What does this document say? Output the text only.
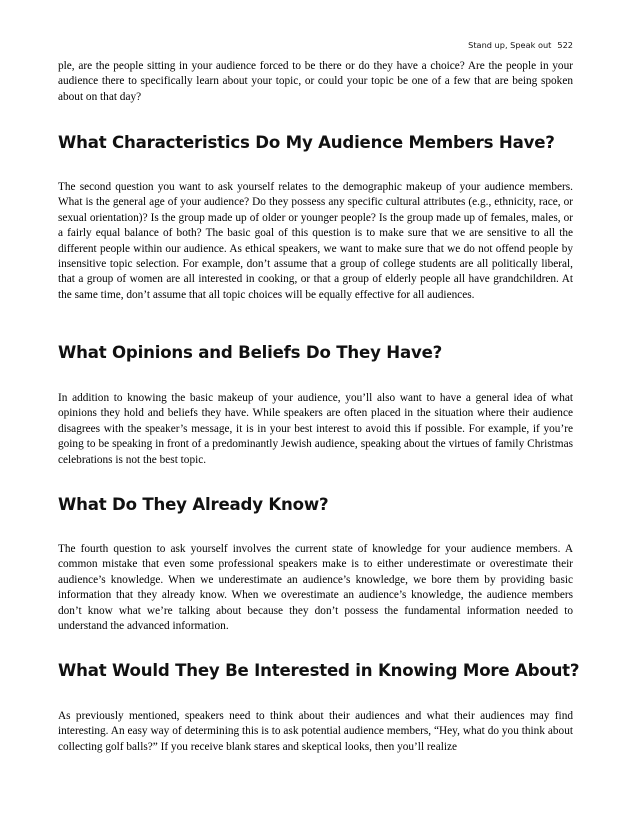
Stand up, Speak out 522

ple, are the people sitting in your audience forced to be there or do they have a choice? Are the people in your audience there to specifically learn about your topic, or could your topic be one of a few that are being spoken about on that day?

What Characteristics Do My Audience Members Have?

The second question you want to ask yourself relates to the demographic makeup of your audience members. What is the general age of your audience? Do they possess any specific cultural attributes (e.g., ethnicity, race, or sexual orientation)? Is the group made up of older or younger people? Is the group made up of females, males, or a fairly equal balance of both? The basic goal of this question is to make sure that we are sensitive to all the different people within our audience. As ethical speakers, we want to make sure that we do not offend people by insensitive topic selection. For example, don’t assume that a group of college students are all politically liberal, that a group of women are all interested in cooking, or that a group of elderly people all have grandchildren. At the same time, don’t assume that all topic choices will be equally effective for all audiences.

What Opinions and Beliefs Do They Have?

In addition to knowing the basic makeup of your audience, you’ll also want to have a general idea of what opinions they hold and beliefs they have. While speakers are often placed in the situation where their audience disagrees with the speaker’s message, it is in your best interest to avoid this if possible. For example, if you’re going to be speaking in front of a predominantly Jewish audience, speaking about the virtues of family Christmas celebrations is not the best topic.

What Do They Already Know?

The fourth question to ask yourself involves the current state of knowledge for your audience members. A common mistake that even some professional speakers make is to either underestimate or overestimate their audience’s knowledge. When we underestimate an audience’s knowledge, we bore them by providing basic information that they already know. When we overestimate an audience’s knowledge, the audience members don’t know what we’re talking about because they don’t possess the fundamental information needed to understand the advanced information.

What Would They Be Interested in Knowing More About?

As previously mentioned, speakers need to think about their audiences and what their audiences may find interesting. An easy way of determining this is to ask potential audience members, “Hey, what do you think about collecting golf balls?” If you receive blank stares and skeptical looks, then you’ll realize
